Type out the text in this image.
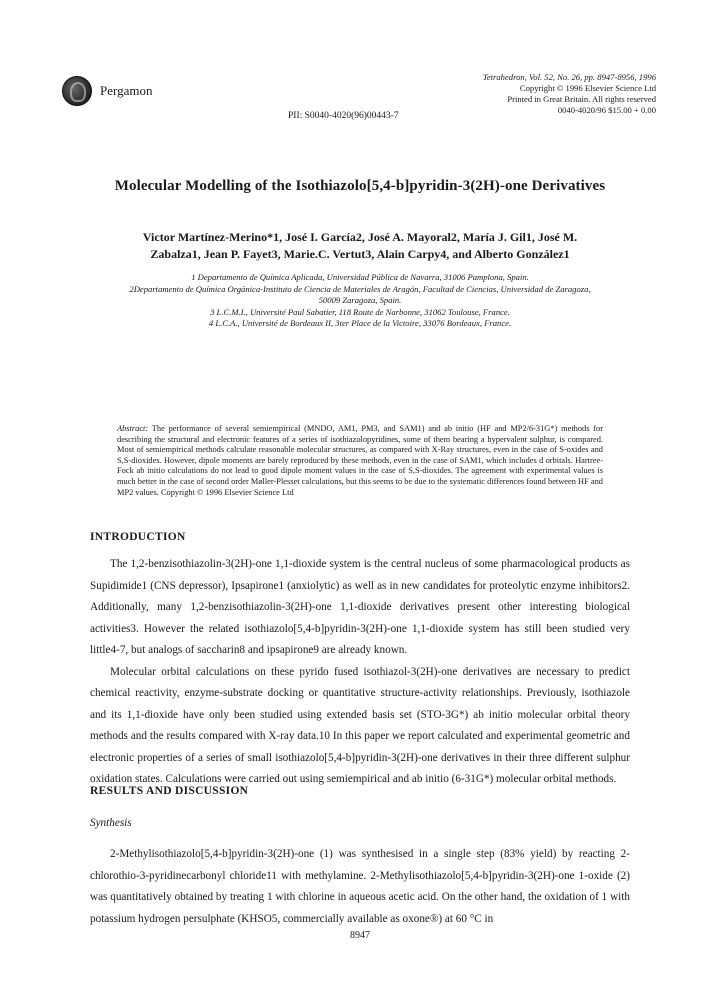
Pergamon
Tetrahedron, Vol. 52, No. 26, pp. 8947-8956, 1996
Copyright © 1996 Elsevier Science Ltd
Printed in Great Britain. All rights reserved
0040-4020/96 $15.00 + 0.00
PII: S0040-4020(96)00443-7
Molecular Modelling of the Isothiazolo[5,4-b]pyridin-3(2H)-one Derivatives
Victor Martínez-Merino*1, José I. García2, José A. Mayoral2, María J. Gil1, José M.
Zabalza1, Jean P. Fayet3, Marie.C. Vertut3, Alain Carpy4, and Alberto González1
1 Departamento de Química Aplicada, Universidad Pública de Navarra, 31006 Pamplona, Spain.
2Departamento de Química Orgánica-Instituto de Ciencia de Materiales de Aragón, Facultad de Ciencias, Universidad de Zaragoza,
50009 Zaragoza, Spain.
3 L.C.M.I., Université Paul Sabatier, 118 Route de Narbonne, 31062 Toulouse, France.
4 L.C.A., Université de Bordeaux II, 3ter Place de la Victoire, 33076 Bordeaux, France.
Abstract: The performance of several semiempirical (MNDO, AM1, PM3, and SAM1) and ab initio (HF and MP2/6-31G*) methods for describing the structural and electronic features of a series of isothiazolopyridines, some of them bearing a hypervalent sulphur, is compared. Most of semiempirical methods calculate reasonable molecular structures, as compared with X-Ray structures, even in the case of S-oxides and S,S-dioxides. However, dipole moments are barely reproduced by these methods, even in the case of SAM1, which includes d orbitals. Hartree-Fock ab initio calculations do not lead to good dipole moment values in the case of S,S-dioxides. The agreement with experimental values is much better in the case of second order Møller-Plesset calculations, but this seems to be due to the systematic differences found between HF and MP2 values. Copyright © 1996 Elsevier Science Ltd
INTRODUCTION

The 1,2-benzisothiazolin-3(2H)-one 1,1-dioxide system is the central nucleus of some pharmacological products as Supidimide1 (CNS depressor), Ipsapirone1 (anxiolytic) as well as in new candidates for proteolytic enzyme inhibitors2. Additionally, many 1,2-benzisothiazolin-3(2H)-one 1,1-dioxide derivatives present other interesting biological activities3. However the related isothiazolo[5,4-b]pyridin-3(2H)-one 1,1-dioxide system has still been studied very little4-7, but analogs of saccharin8 and ipsapirone9 are already known.

Molecular orbital calculations on these pyrido fused isothiazol-3(2H)-one derivatives are necessary to predict chemical reactivity, enzyme-substrate docking or quantitative structure-activity relationships. Previously, isothiazole and its 1,1-dioxide have only been studied using extended basis set (STO-3G*) ab initio molecular orbital theory methods and the results compared with X-ray data.10 In this paper we report calculated and experimental geometric and electronic properties of a series of small isothiazolo[5,4-b]pyridin-3(2H)-one derivatives in their three different sulphur oxidation states. Calculations were carried out using semiempirical and ab initio (6-31G*) molecular orbital methods.

RESULTS AND DISCUSSION
Synthesis

2-Methylisothiazolo[5,4-b]pyridin-3(2H)-one (1) was synthesised in a single step (83% yield) by reacting 2-chlorothio-3-pyridinecarbonyl chloride11 with methylamine. 2-Methylisothiazolo[5,4-b]pyridin-3(2H)-one 1-oxide (2) was quantitatively obtained by treating 1 with chlorine in aqueous acetic acid. On the other hand, the oxidation of 1 with potassium hydrogen persulphate (KHSO5, commercially available as oxone®) at 60 °C in

8947
